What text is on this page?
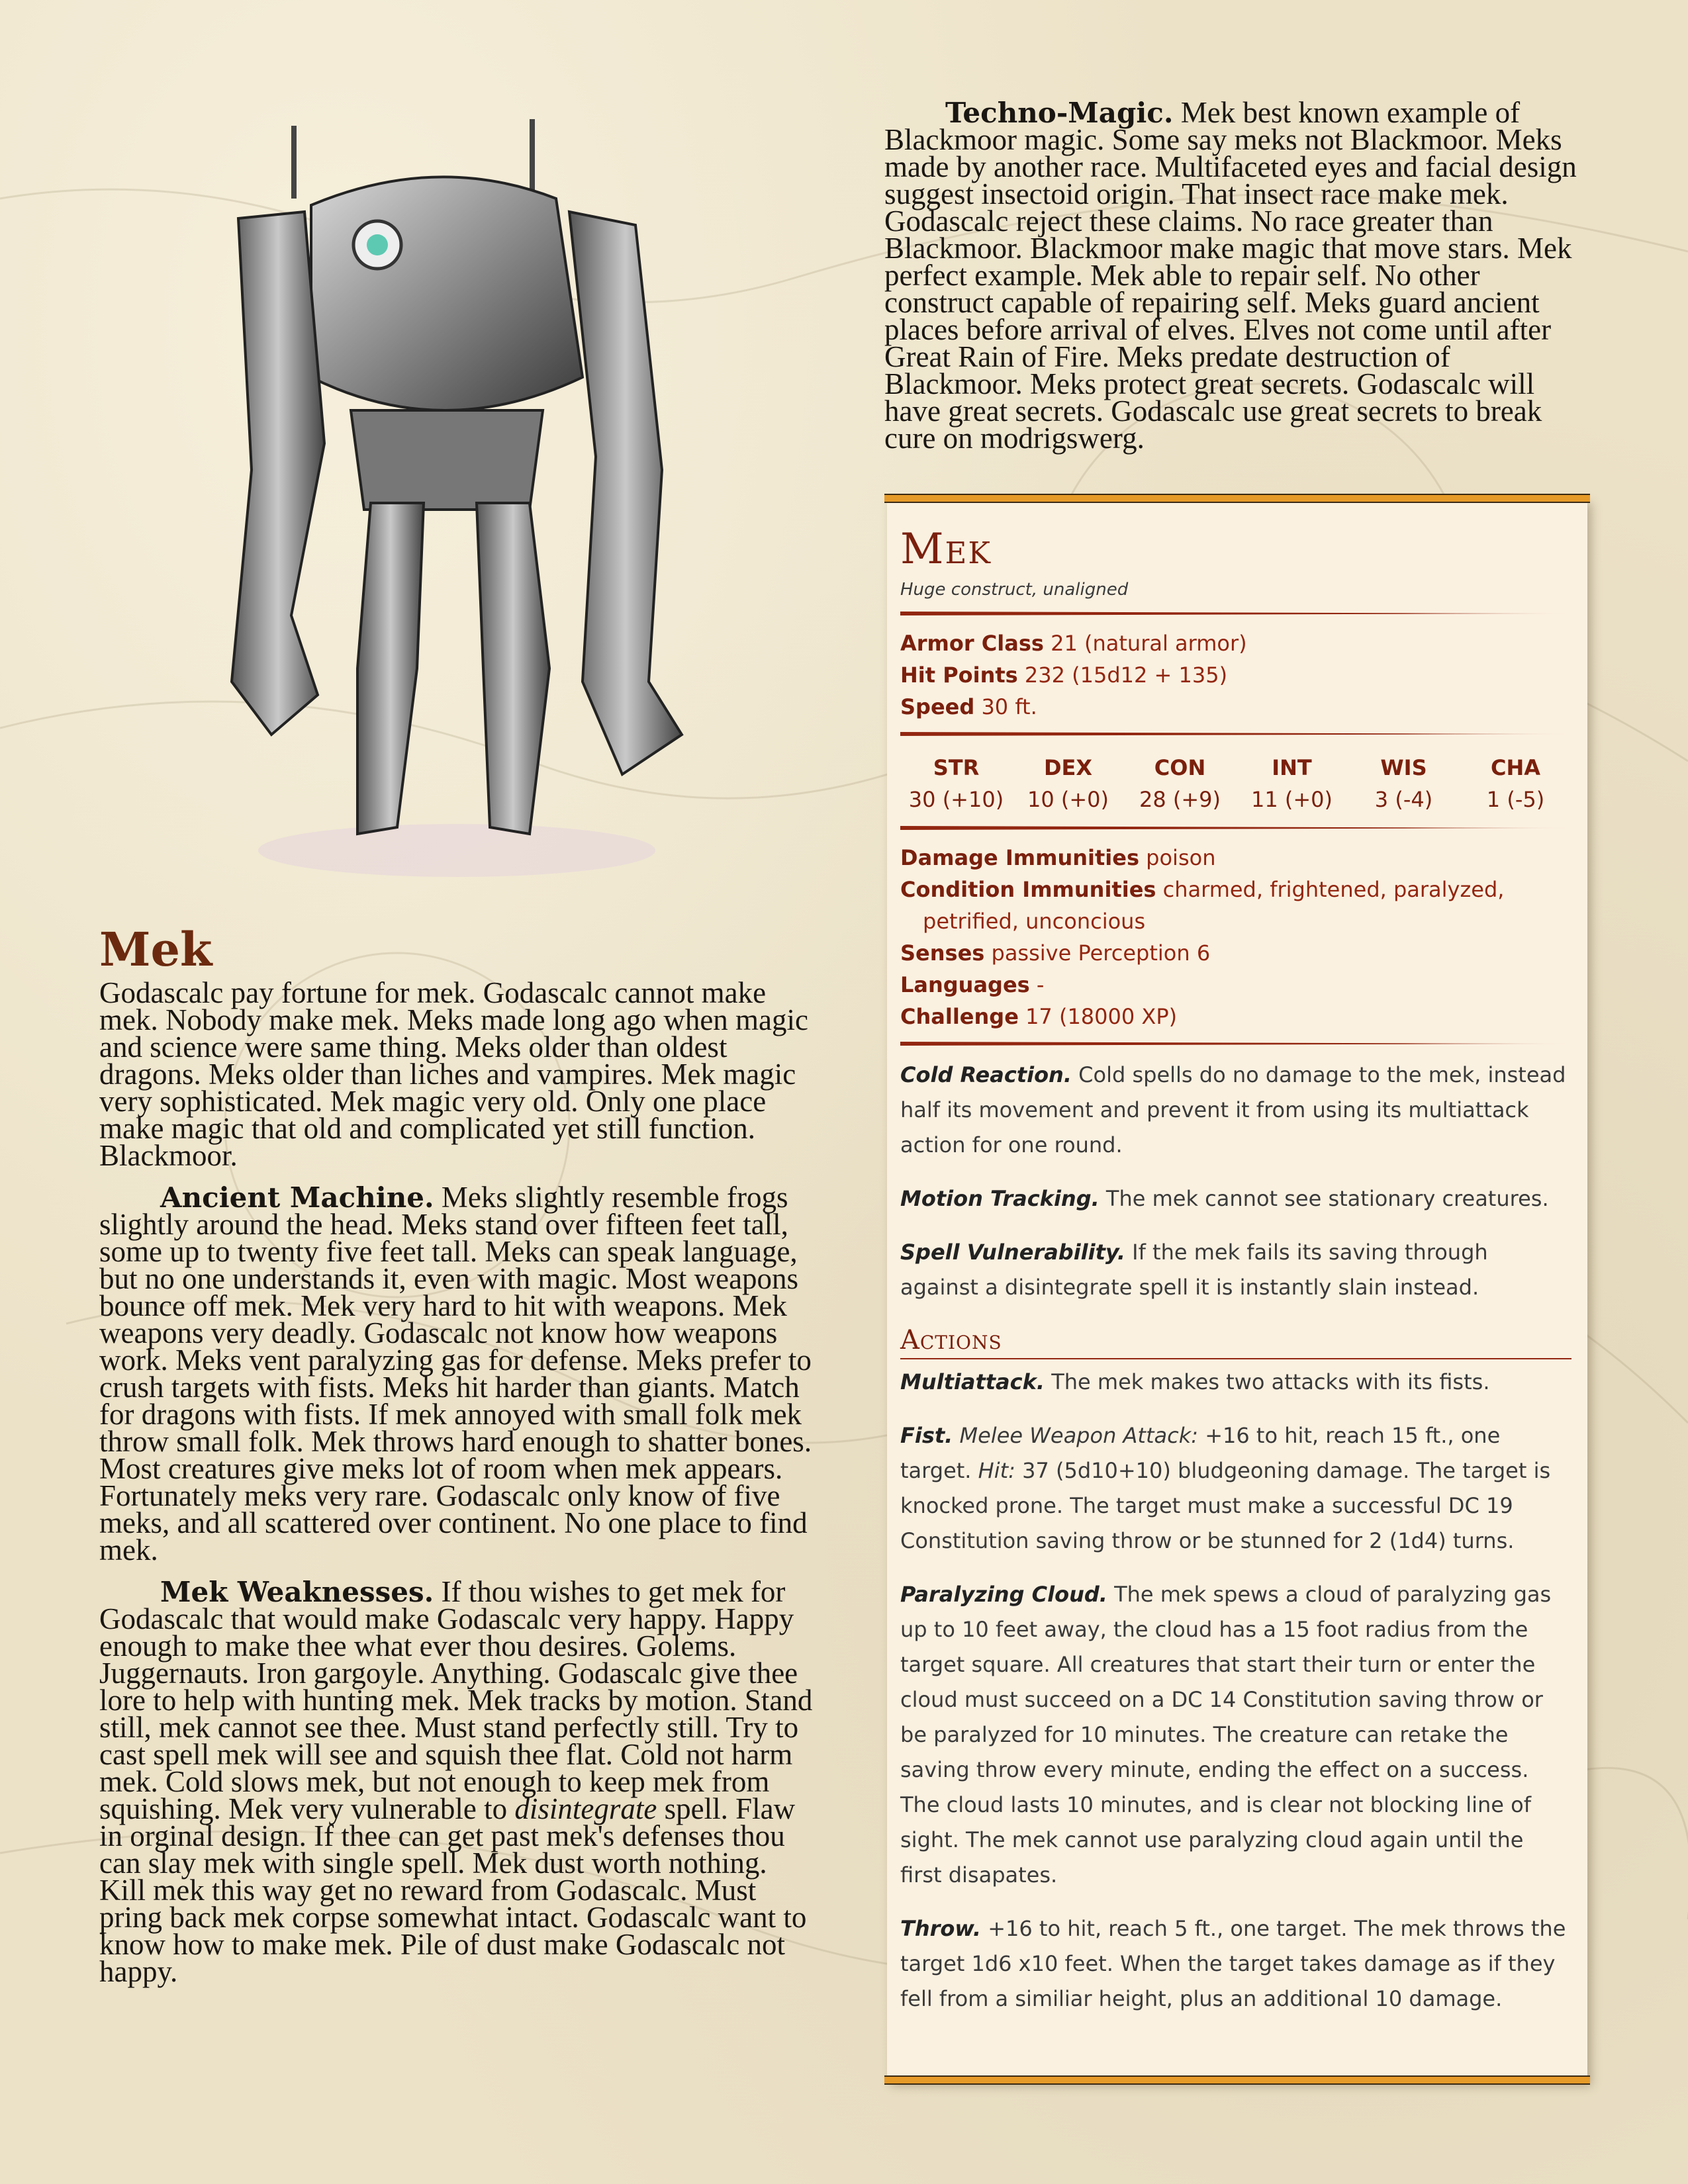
Mek

Godascalc pay fortune for mek. Godascalc cannot make mek. Nobody make mek. Meks made long ago when magic and science were same thing. Meks older than oldest dragons. Meks older than liches and vampires. Mek magic very sophisticated. Mek magic very old. Only one place make magic that old and complicated yet still function. Blackmoor.

Ancient Machine. Meks slightly resemble frogs slightly around the head. Meks stand over fifteen feet tall, some up to twenty five feet tall. Meks can speak language, but no one understands it, even with magic. Most weapons bounce off mek. Mek very hard to hit with weapons. Mek weapons very deadly. Godascalc not know how weapons work. Meks vent paralyzing gas for defense. Meks prefer to crush targets with fists. Meks hit harder than giants. Match for dragons with fists. If mek annoyed with small folk mek throw small folk. Mek throws hard enough to shatter bones. Most creatures give meks lot of room when mek appears. Fortunately meks very rare. Godascalc only know of five meks, and all scattered over continent. No one place to find mek.

Mek Weaknesses. If thou wishes to get mek for Godascalc that would make Godascalc very happy. Happy enough to make thee what ever thou desires. Golems. Juggernauts. Iron gargoyle. Anything. Godascalc give thee lore to help with hunting mek. Mek tracks by motion. Stand still, mek cannot see thee. Must stand perfectly still. Try to cast spell mek will see and squish thee flat. Cold not harm mek. Cold slows mek, but not enough to keep mek from squishing. Mek very vulnerable to disintegrate spell. Flaw in orginal design. If thee can get past mek's defenses thou can slay mek with single spell. Mek dust worth nothing. Kill mek this way get no reward from Godascalc. Must pring back mek corpse somewhat intact. Godascalc want to know how to make mek. Pile of dust make Godascalc not happy.

Techno-Magic. Mek best known example of Blackmoor magic. Some say meks not Blackmoor. Meks made by another race. Multifaceted eyes and facial design suggest insectoid origin. That insect race make mek. Godascalc reject these claims. No race greater than Blackmoor. Blackmoor make magic that move stars. Mek perfect example. Mek able to repair self. No other construct capable of repairing self. Meks guard ancient places before arrival of elves. Elves not come until after Great Rain of Fire. Meks predate destruction of Blackmoor. Meks protect great secrets. Godascalc will have great secrets. Godascalc use great secrets to break cure on modrigswerg.

Mek
Huge construct, unaligned
Armor Class 21 (natural armor)
Hit Points 232 (15d12 + 135)
Speed 30 ft.
STR
30 (+10)
DEX
10 (+0)
CON
28 (+9)
INT
11 (+0)
WIS
3 (-4)
CHA
1 (-5)
Damage Immunities poison
Condition Immunities charmed, frightened, paralyzed, petrified, unconcious
Senses passive Perception 6
Languages -
Challenge 17 (18000 XP)

Cold Reaction. Cold spells do no damage to the mek, instead half its movement and prevent it from using its multiattack action for one round.

Motion Tracking. The mek cannot see stationary creatures.

Spell Vulnerability. If the mek fails its saving through against a disintegrate spell it is instantly slain instead.

Actions

Multiattack. The mek makes two attacks with its fists.

Fist. Melee Weapon Attack: +16 to hit, reach 15 ft., one target. Hit: 37 (5d10+10) bludgeoning damage. The target is knocked prone. The target must make a successful DC 19 Constitution saving throw or be stunned for 2 (1d4) turns.

Paralyzing Cloud. The mek spews a cloud of paralyzing gas up to 10 feet away, the cloud has a 15 foot radius from the target square. All creatures that start their turn or enter the cloud must succeed on a DC 14 Constitution saving throw or be paralyzed for 10 minutes. The creature can retake the saving throw every minute, ending the effect on a success. The cloud lasts 10 minutes, and is clear not blocking line of sight. The mek cannot use paralyzing cloud again until the first disapates.

Throw. +16 to hit, reach 5 ft., one target. The mek throws the target 1d6 x10 feet. When the target takes damage as if they fell from a similiar height, plus an additional 10 damage.
